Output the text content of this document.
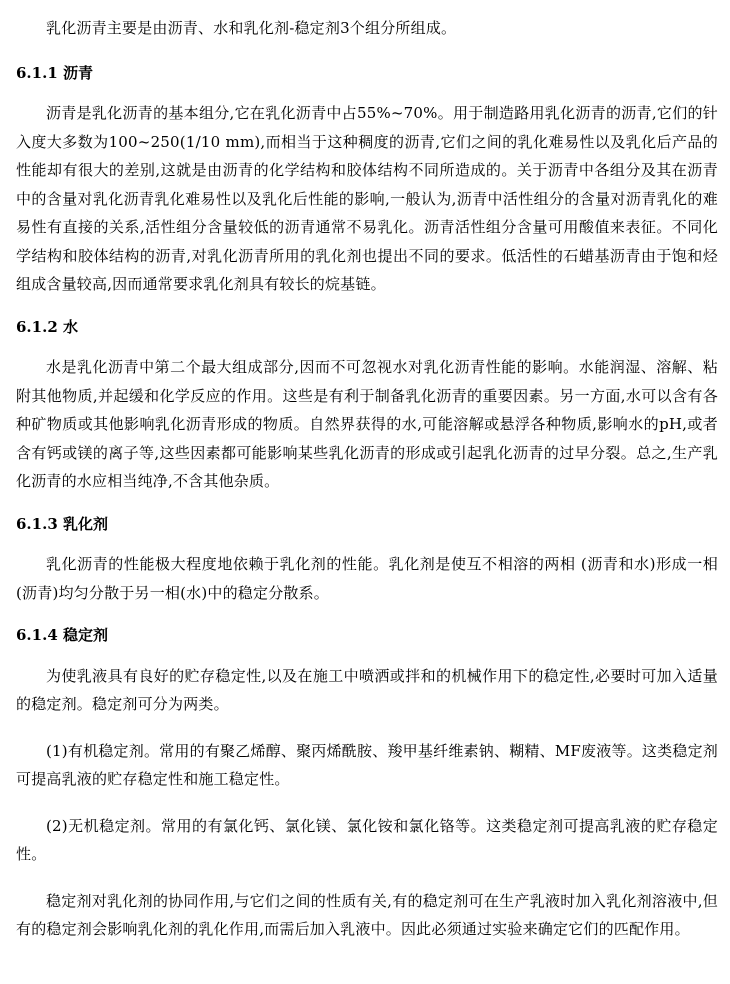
乳化沥青主要是由沥青、水和乳化剂-稳定剂3个组分所组成。

6.1.1 沥青

沥青是乳化沥青的基本组分,它在乳化沥青中占55%~70%。用于制造路用乳化沥青的沥青,它们的针入度大多数为100~250(1/10 mm),而相当于这种稠度的沥青,它们之间的乳化难易性以及乳化后产品的性能却有很大的差别,这就是由沥青的化学结构和胶体结构不同所造成的。关于沥青中各组分及其在沥青中的含量对乳化沥青乳化难易性以及乳化后性能的影响,一般认为,沥青中活性组分的含量对沥青乳化的难易性有直接的关系,活性组分含量较低的沥青通常不易乳化。沥青活性组分含量可用酸值来表征。不同化学结构和胶体结构的沥青,对乳化沥青所用的乳化剂也提出不同的要求。低活性的石蜡基沥青由于饱和烃组成含量较高,因而通常要求乳化剂具有较长的烷基链。

6.1.2 水

水是乳化沥青中第二个最大组成部分,因而不可忽视水对乳化沥青性能的影响。水能润湿、溶解、粘附其他物质,并起缓和化学反应的作用。这些是有利于制备乳化沥青的重要因素。另一方面,水可以含有各种矿物质或其他影响乳化沥青形成的物质。自然界获得的水,可能溶解或悬浮各种物质,影响水的pH,或者含有钙或镁的离子等,这些因素都可能影响某些乳化沥青的形成或引起乳化沥青的过早分裂。总之,生产乳化沥青的水应相当纯净,不含其他杂质。

6.1.3 乳化剂

乳化沥青的性能极大程度地依赖于乳化剂的性能。乳化剂是使互不相溶的两相 (沥青和水)形成一相(沥青)均匀分散于另一相(水)中的稳定分散系。

6.1.4 稳定剂

为使乳液具有良好的贮存稳定性,以及在施工中喷洒或拌和的机械作用下的稳定性,必要时可加入适量的稳定剂。稳定剂可分为两类。

(1)有机稳定剂。常用的有聚乙烯醇、聚丙烯酰胺、羧甲基纤维素钠、糊精、MF废液等。这类稳定剂可提高乳液的贮存稳定性和施工稳定性。

(2)无机稳定剂。常用的有氯化钙、氯化镁、氯化铵和氯化铬等。这类稳定剂可提高乳液的贮存稳定性。

稳定剂对乳化剂的协同作用,与它们之间的性质有关,有的稳定剂可在生产乳液时加入乳化剂溶液中,但有的稳定剂会影响乳化剂的乳化作用,而需后加入乳液中。因此必须通过实验来确定它们的匹配作用。
